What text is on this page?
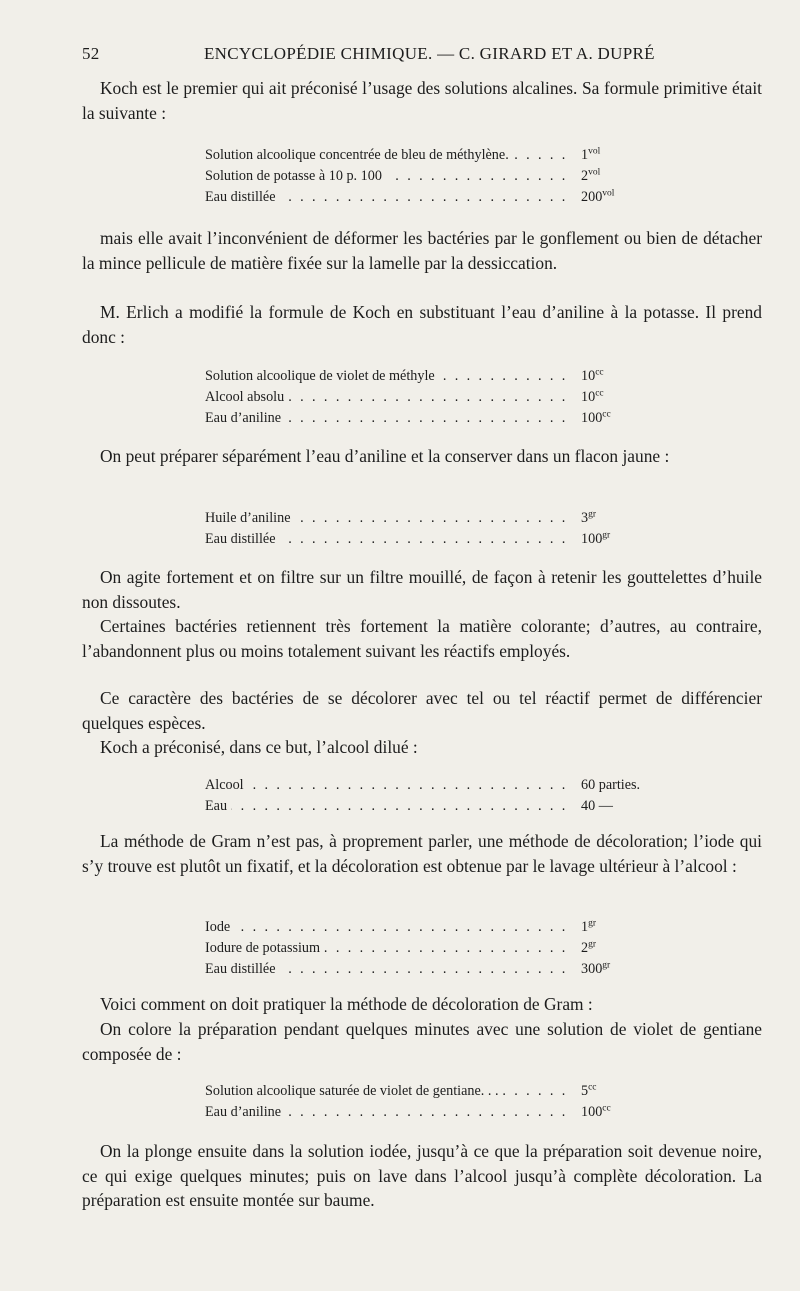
52	ENCYCLOPÉDIE CHIMIQUE. — C. GIRARD ET A. DUPRÉ

Koch est le premier qui ait préconisé l’usage des solutions alcalines. Sa formule primitive était la suivante :

. . .
Solution alcoolique concentrée de bleu de méthylène.	$1^{vol}$
. . .
Solution de potasse à 10 p. 100	$2^{vol}$
. . .
Eau distillée	$200^{vol}$

mais elle avait l’inconvénient de déformer les bactéries par le gonflement ou bien de détacher la mince pellicule de matière fixée sur la lamelle par la dessiccation.

M. Erlich a modifié la formule de Koch en substituant l’eau d’aniline à la potasse. Il prend donc :

. . .
Solution alcoolique de violet de méthyle	$10^{cc}$
. . .
Alcool absolu	$10^{cc}$
. . .
Eau d’aniline	$100^{cc}$

On peut préparer séparément l’eau d’aniline et la conserver dans un flacon jaune :

. . .
Huile d’aniline	$3^{gr}$
. . .
Eau distillée	$100^{gr}$

On agite fortement et on filtre sur un filtre mouillé, de façon à retenir les gouttelettes d’huile non dissoutes.

Certaines bactéries retiennent très fortement la matière colorante; d’autres, au contraire, l’abandonnent plus ou moins totalement suivant les réactifs employés.

Ce caractère des bactéries de se décolorer avec tel ou tel réactif permet de différencier quelques espèces.

Koch a préconisé, dans ce but, l’alcool dilué :

. . .
Alcool	60 parties.
. . .
Eau	40 —

La méthode de Gram n’est pas, à proprement parler, une méthode de décoloration; l’iode qui s’y trouve est plutôt un fixatif, et la décoloration est obtenue par le lavage ultérieur à l’alcool :

. . .
Iode	$1^{gr}$
. . .
Iodure de potassium	$2^{gr}$
. . .
Eau distillée	$300^{gr}$

Voici comment on doit pratiquer la méthode de décoloration de Gram :

On colore la préparation pendant quelques minutes avec une solution de violet de gentiane composée de :

. . .
Solution alcoolique saturée de violet de gentiane. . .	$5^{cc}$
. . .
Eau d’aniline	$100^{cc}$

On la plonge ensuite dans la solution iodée, jusqu’à ce que la préparation soit devenue noire, ce qui exige quelques minutes; puis on lave dans l’alcool jusqu’à complète décoloration. La préparation est ensuite montée sur baume.
